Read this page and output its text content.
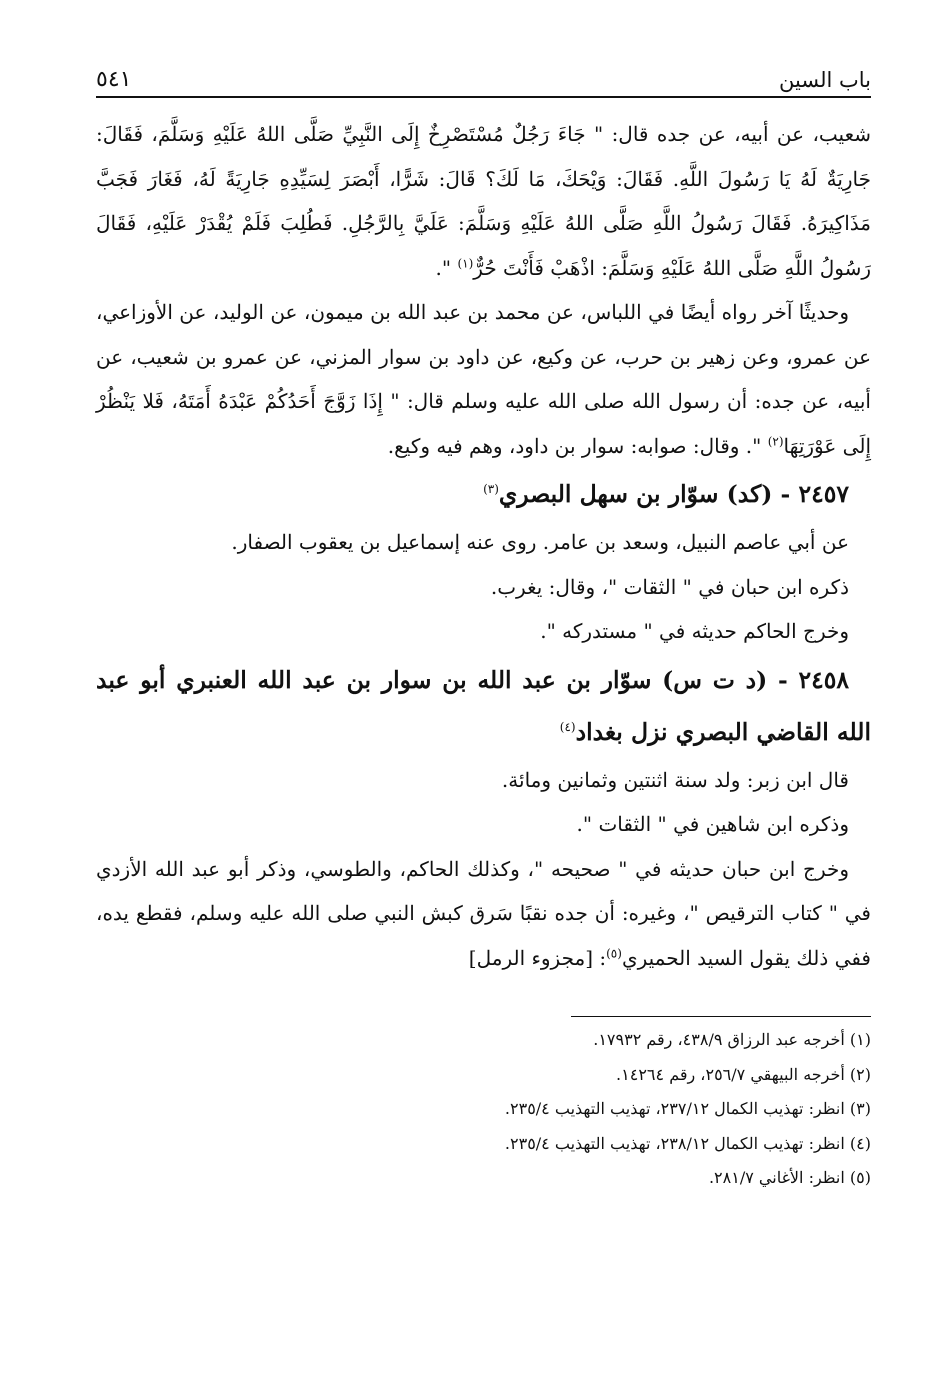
باب السين
٥٤١

شعيب، عن أبيه، عن جده قال: " جَاءَ رَجُلٌ مُسْتَصْرِخٌ إِلَى النَّبِيِّ صَلَّى اللهُ عَلَيْهِ وَسَلَّمَ، فَقَالَ: جَارِيَةٌ لَهُ يَا رَسُولَ اللَّهِ. فَقَالَ: وَيْحَكَ، مَا لَكَ؟ قَالَ: شَرًّا، أَبْصَرَ لِسَيِّدِهِ جَارِيَةً لَهُ، فَغَارَ فَجَبَّ مَذَاكِيرَهُ. فَقَالَ رَسُولُ اللَّهِ صَلَّى اللهُ عَلَيْهِ وَسَلَّمَ: عَلَيَّ بِالرَّجُلِ. فَطُلِبَ فَلَمْ يُقْدَرْ عَلَيْهِ، فَقَالَ رَسُولُ اللَّهِ صَلَّى اللهُ عَلَيْهِ وَسَلَّمَ: اذْهَبْ فَأَنْتَ حُرٌّ$^{(١)}$ ".

وحديثًا آخر رواه أيضًا في اللباس، عن محمد بن عبد الله بن ميمون، عن الوليد، عن الأوزاعي، عن عمرو، وعن زهير بن حرب، عن وكيع، عن داود بن سوار المزني، عن عمرو بن شعيب، عن أبيه، عن جده: أن رسول الله صلى الله عليه وسلم قال: " إِذَا زَوَّجَ أَحَدُكُمْ عَبْدَهُ أَمَتَهُ، فَلا يَنْظُرْ إِلَى عَوْرَتِهَا$^{(٢)}$ ". وقال: صوابه: سوار بن داود، وهم فيه وكيع.

٢٤٥٧ - (كد) سوّار بن سهل البصري$^{(٣)}$

عن أبي عاصم النبيل، وسعد بن عامر. روى عنه إسماعيل بن يعقوب الصفار.

ذكره ابن حبان في " الثقات "، وقال: يغرب.

وخرج الحاكم حديثه في " مستدركه ".

٢٤٥٨ - (د ت س) سوّار بن عبد الله بن سوار بن عبد الله العنبري أبو عبد الله القاضي البصري نزل بغداد$^{(٤)}$

قال ابن زبر: ولد سنة اثنتين وثمانين ومائة.

وذكره ابن شاهين في " الثقات ".

وخرج ابن حبان حديثه في " صحيحه "، وكذلك الحاكم، والطوسي، وذكر أبو عبد الله الأزدي في " كتاب الترقيص "، وغيره: أن جده نقبًا سَرق كبش النبي صلى الله عليه وسلم، فقطع يده، ففي ذلك يقول السيد الحميري$^{(٥)}$: [مجزوء الرمل]

(١) أخرجه عبد الرزاق ٤٣٨/٩، رقم ١٧٩٣٢.
(٢) أخرجه البيهقي ٢٥٦/٧، رقم ١٤٢٦٤.
(٣) انظر: تهذيب الكمال ٢٣٧/١٢، تهذيب التهذيب ٢٣٥/٤.
(٤) انظر: تهذيب الكمال ٢٣٨/١٢، تهذيب التهذيب ٢٣٥/٤.
(٥) انظر: الأغاني ٢٨١/٧.
